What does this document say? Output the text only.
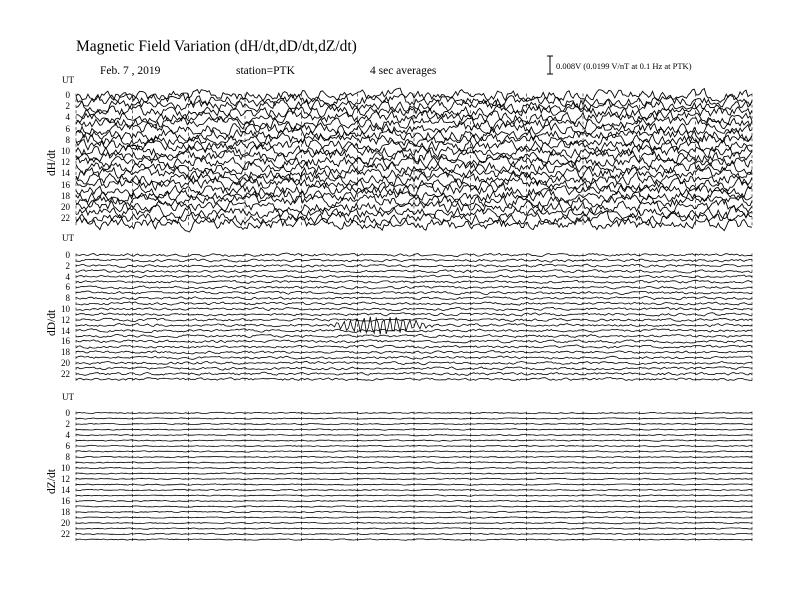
Magnetic Field Variation (dH/dt,dD/dt,dZ/dt)
Feb. 7 , 2019	station=PTK	4 sec averages	0.008V (0.0199 V/nT at 0.1 Hz at PTK)
UT
dH/dt
0
2
4
6
8
10
12
14
16
18
20
22
UT
dD/dt
0
2
4
6
8
10
12
14
16
18
20
22
UT
dZ/dt
0
2
4
6
8
10
12
14
16
18
20
22
